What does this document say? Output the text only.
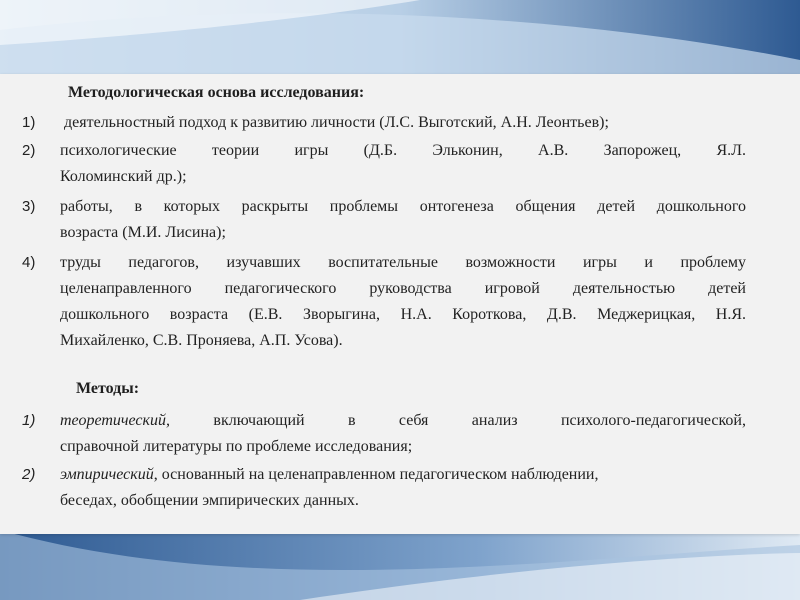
Методологическая основа исследования:
1) деятельностный подход к развитию личности (Л.С. Выготский, А.Н. Леонтьев);
2) психологические теории игры (Д.Б. Эльконин, А.В. Запорожец, Я.Л.
Коломинский др.);
3) работы, в которых раскрыты проблемы онтогенеза общения детей дошкольного
возраста (М.И. Лисина);
4) труды педагогов, изучавших воспитательные возможности игры и проблему
целенаправленного педагогического руководства игровой деятельностью детей
дошкольного возраста (Е.В. Зворыгина, Н.А. Короткова, Д.В. Меджерицкая, Н.Я.
Михайленко, С.В. Проняева, А.П. Усова).
Методы:
1) теоретический,	включающий в себя анализ психолого-педагогической,
справочной литературы по проблеме исследования;
2) эмпирический, основанный на целенаправленном педагогическом наблюдении,
беседах, обобщении эмпирических данных.
